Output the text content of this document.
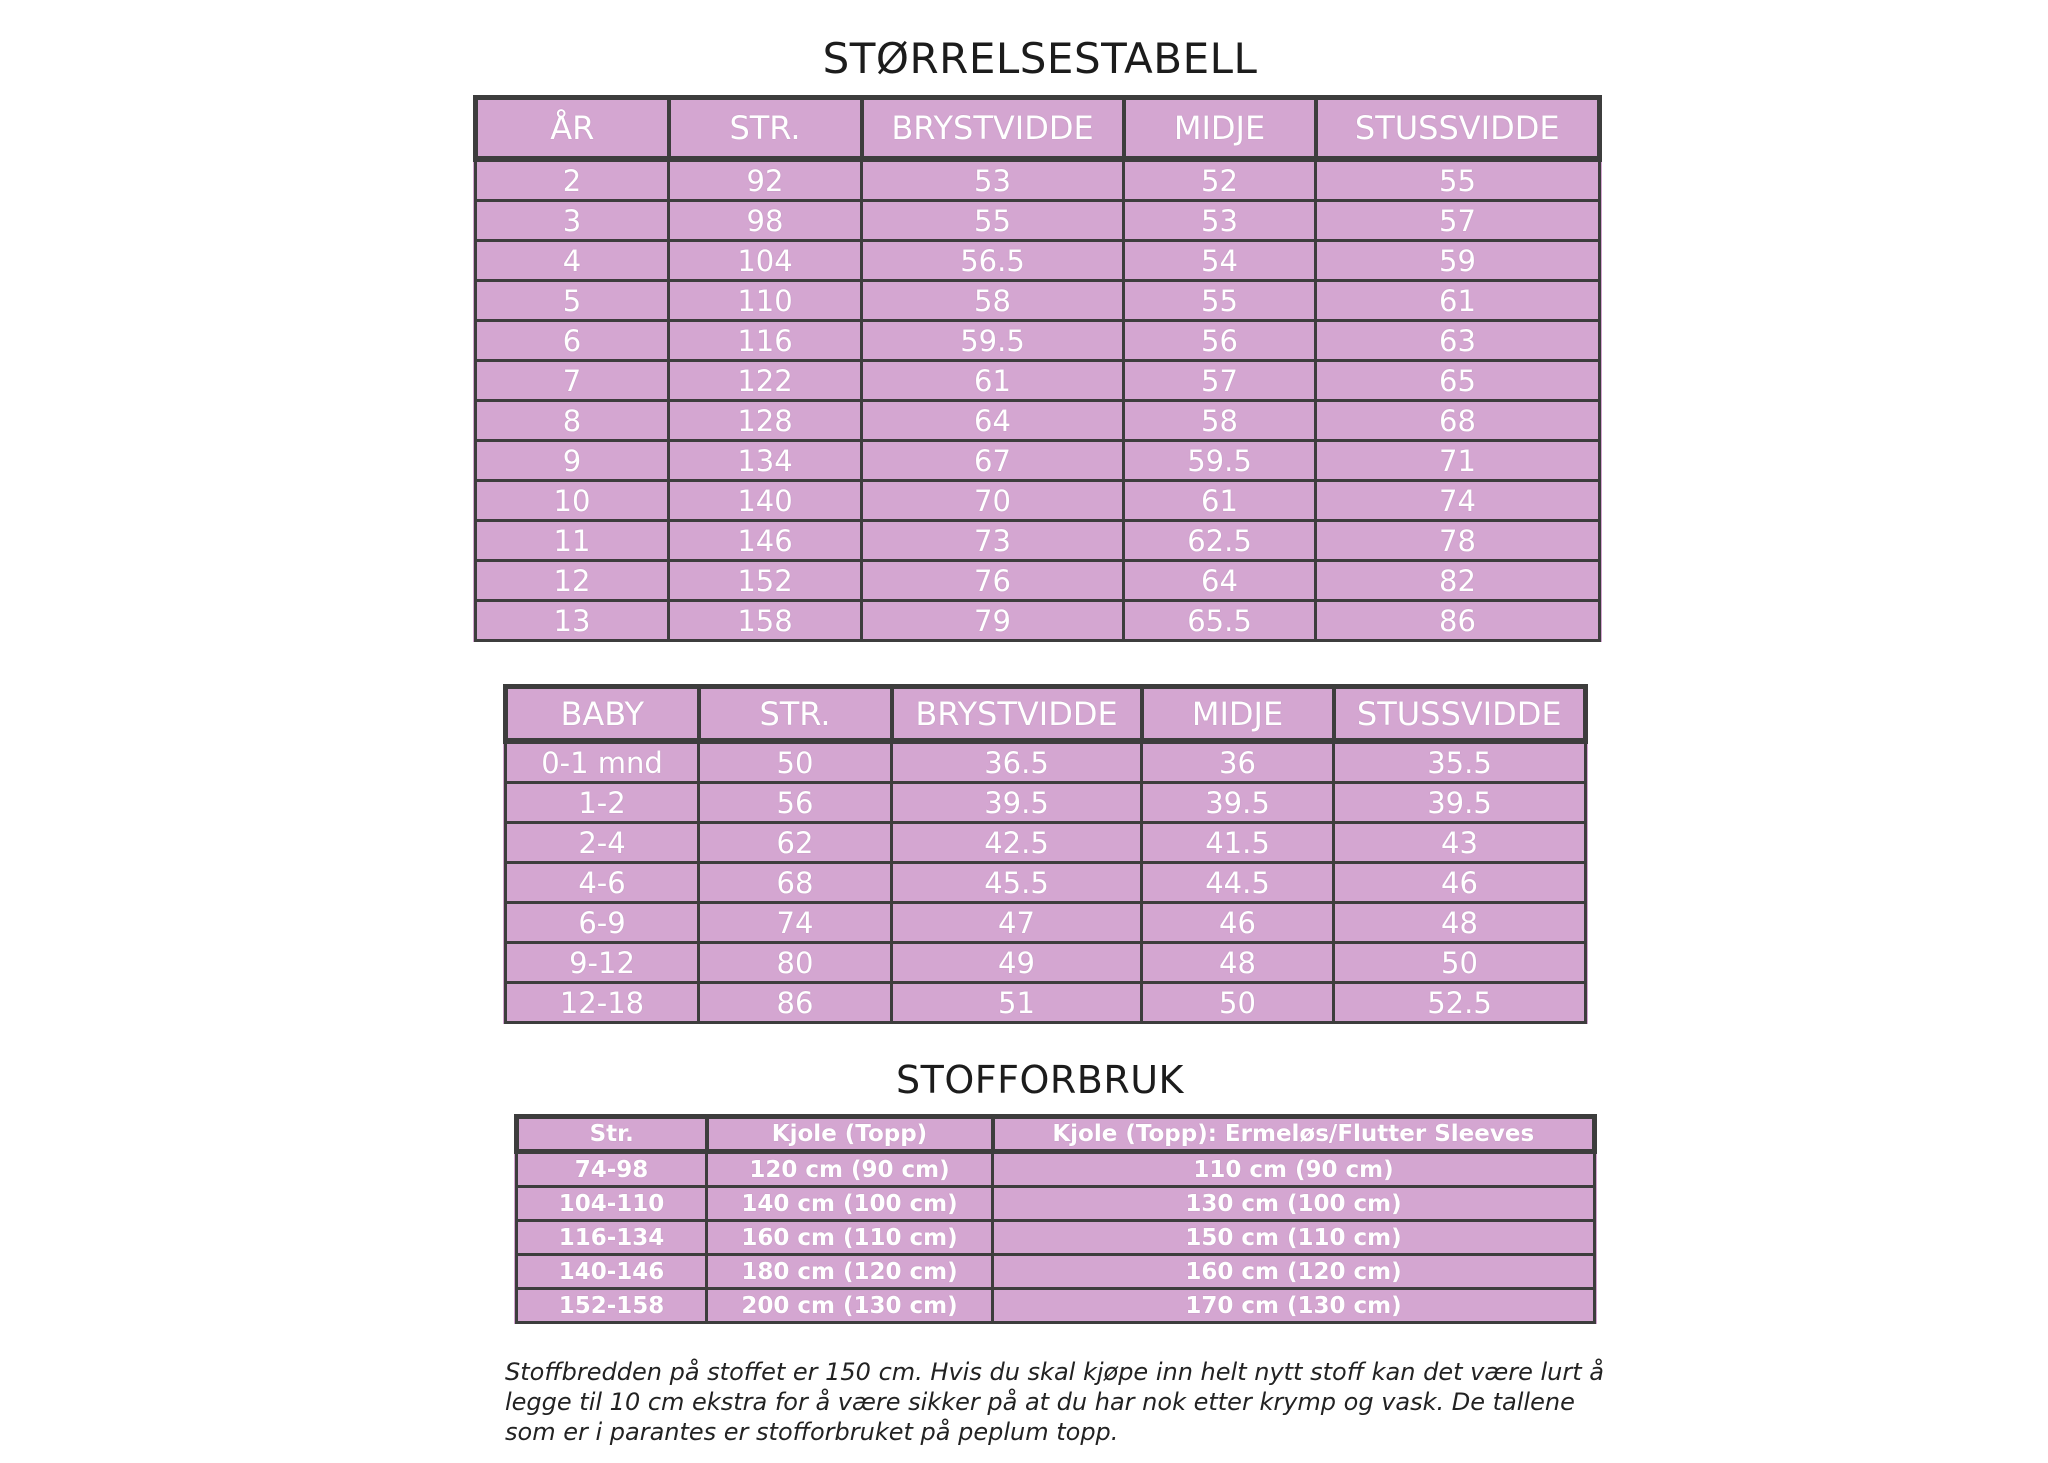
STØRRELSESTABELL
ÅR	STR.	BRYSTVIDDE	MIDJE	STUSSVIDDE
2	92	53	52	55
3	98	55	53	57
4	104	56.5	54	59
5	110	58	55	61
6	116	59.5	56	63
7	122	61	57	65
8	128	64	58	68
9	134	67	59.5	71
10	140	70	61	74
11	146	73	62.5	78
12	152	76	64	82
13	158	79	65.5	86
BABY	STR.	BRYSTVIDDE	MIDJE	STUSSVIDDE
0-1 mnd	50	36.5	36	35.5
1-2	56	39.5	39.5	39.5
2-4	62	42.5	41.5	43
4-6	68	45.5	44.5	46
6-9	74	47	46	48
9-12	80	49	48	50
12-18	86	51	50	52.5
STOFFORBRUK
Str.	Kjole (Topp)	Kjole (Topp): Ermeløs/Flutter Sleeves
74-98	120 cm (90 cm)	110 cm (90 cm)
104-110	140 cm (100 cm)	130 cm (100 cm)
116-134	160 cm (110 cm)	150 cm (110 cm)
140-146	180 cm (120 cm)	160 cm (120 cm)
152-158	200 cm (130 cm)	170 cm (130 cm)

Stoffbredden på stoffet er 150 cm. Hvis du skal kjøpe inn helt nytt stoff kan det være lurt å legge til 10 cm ekstra for å være sikker på at du har nok etter krymp og vask. De tallene som er i parantes er stofforbruket på peplum topp.
